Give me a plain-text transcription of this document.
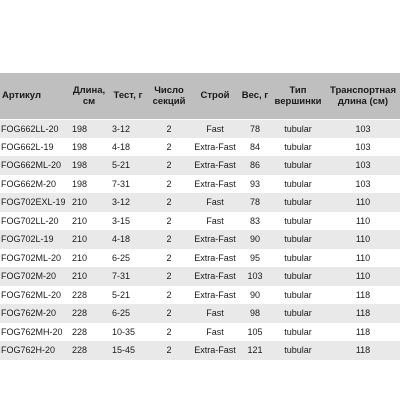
Артикул	Длина, см	Тест, г	Число секций	Строй	Вес, г	Тип вершинки	Транспортная длина (см)
FOG662LL-20	198	3-12	2	Fast	78	tubular	103
FOG662L-19	198	4-18	2	Extra-Fast	84	tubular	103
FOG662ML-20	198	5-21	2	Extra-Fast	86	tubular	103
FOG662M-20	198	7-31	2	Extra-Fast	93	tubular	103
FOG702EXL-19	210	3-12	2	Fast	78	tubular	110
FOG702LL-20	210	3-15	2	Fast	83	tubular	110
FOG702L-19	210	4-18	2	Extra-Fast	90	tubular	110
FOG702ML-20	210	6-25	2	Extra-Fast	95	tubular	110
FOG702M-20	210	7-31	2	Extra-Fast	103	tubular	110
FOG762ML-20	228	5-21	2	Extra-Fast	90	tubular	118
FOG762M-20	228	6-25	2	Fast	98	tubular	118
FOG762MH-20	228	10-35	2	Fast	105	tubular	118
FOG762H-20	228	15-45	2	Extra-Fast	121	tubular	118
